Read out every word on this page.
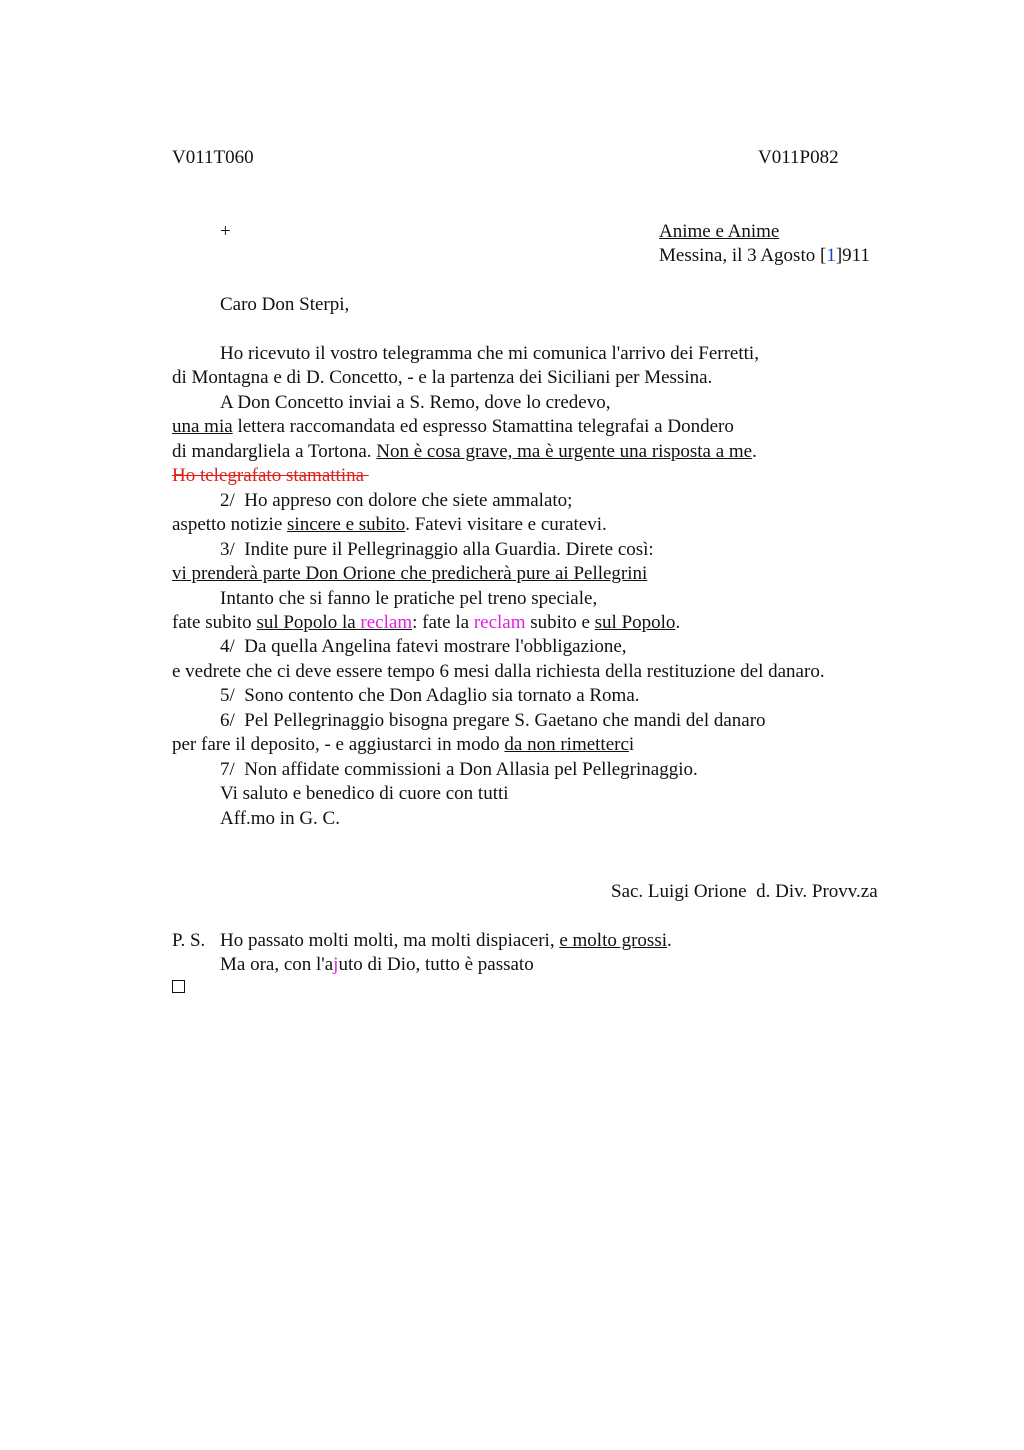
V011T060	V011P082
+	Anime e Anime
Messina, il 3 Agosto [1]911
Caro Don Sterpi,
Ho ricevuto il vostro telegramma che mi comunica l'arrivo dei Ferretti,
di Montagna e di D. Concetto, - e la partenza dei Siciliani per Messina.
A Don Concetto inviai a S. Remo, dove lo credevo,
una mia lettera raccomandata ed espresso Stamattina telegrafai a Dondero
di mandargliela a Tortona. Non è cosa grave, ma è urgente una risposta a me.
Ho telegrafato stamattina
2/  Ho appreso con dolore che siete ammalato;
aspetto notizie sincere e subito. Fatevi visitare e curatevi.
3/  Indite pure il Pellegrinaggio alla Guardia. Direte così:
vi prenderà parte Don Orione che predicherà pure ai Pellegrini
Intanto che si fanno le pratiche pel treno speciale,
fate subito sul Popolo la reclam: fate la reclam subito e sul Popolo.
4/  Da quella Angelina fatevi mostrare l'obbligazione,
e vedrete che ci deve essere tempo 6 mesi dalla richiesta della restituzione del danaro.
5/  Sono contento che Don Adaglio sia tornato a Roma.
6/  Pel Pellegrinaggio bisogna pregare S. Gaetano che mandi del danaro
per fare il deposito, - e aggiustarci in modo da non rimetterci
7/  Non affidate commissioni a Don Allasia pel Pellegrinaggio.
Vi saluto e benedico di cuore con tutti
Aff.mo in G. C.
Sac. Luigi Orione  d. Div. Provv.za
P. S. Ho passato molti molti, ma molti dispiaceri, e molto grossi.
Ma ora, con l'ajuto di Dio, tutto è passato
